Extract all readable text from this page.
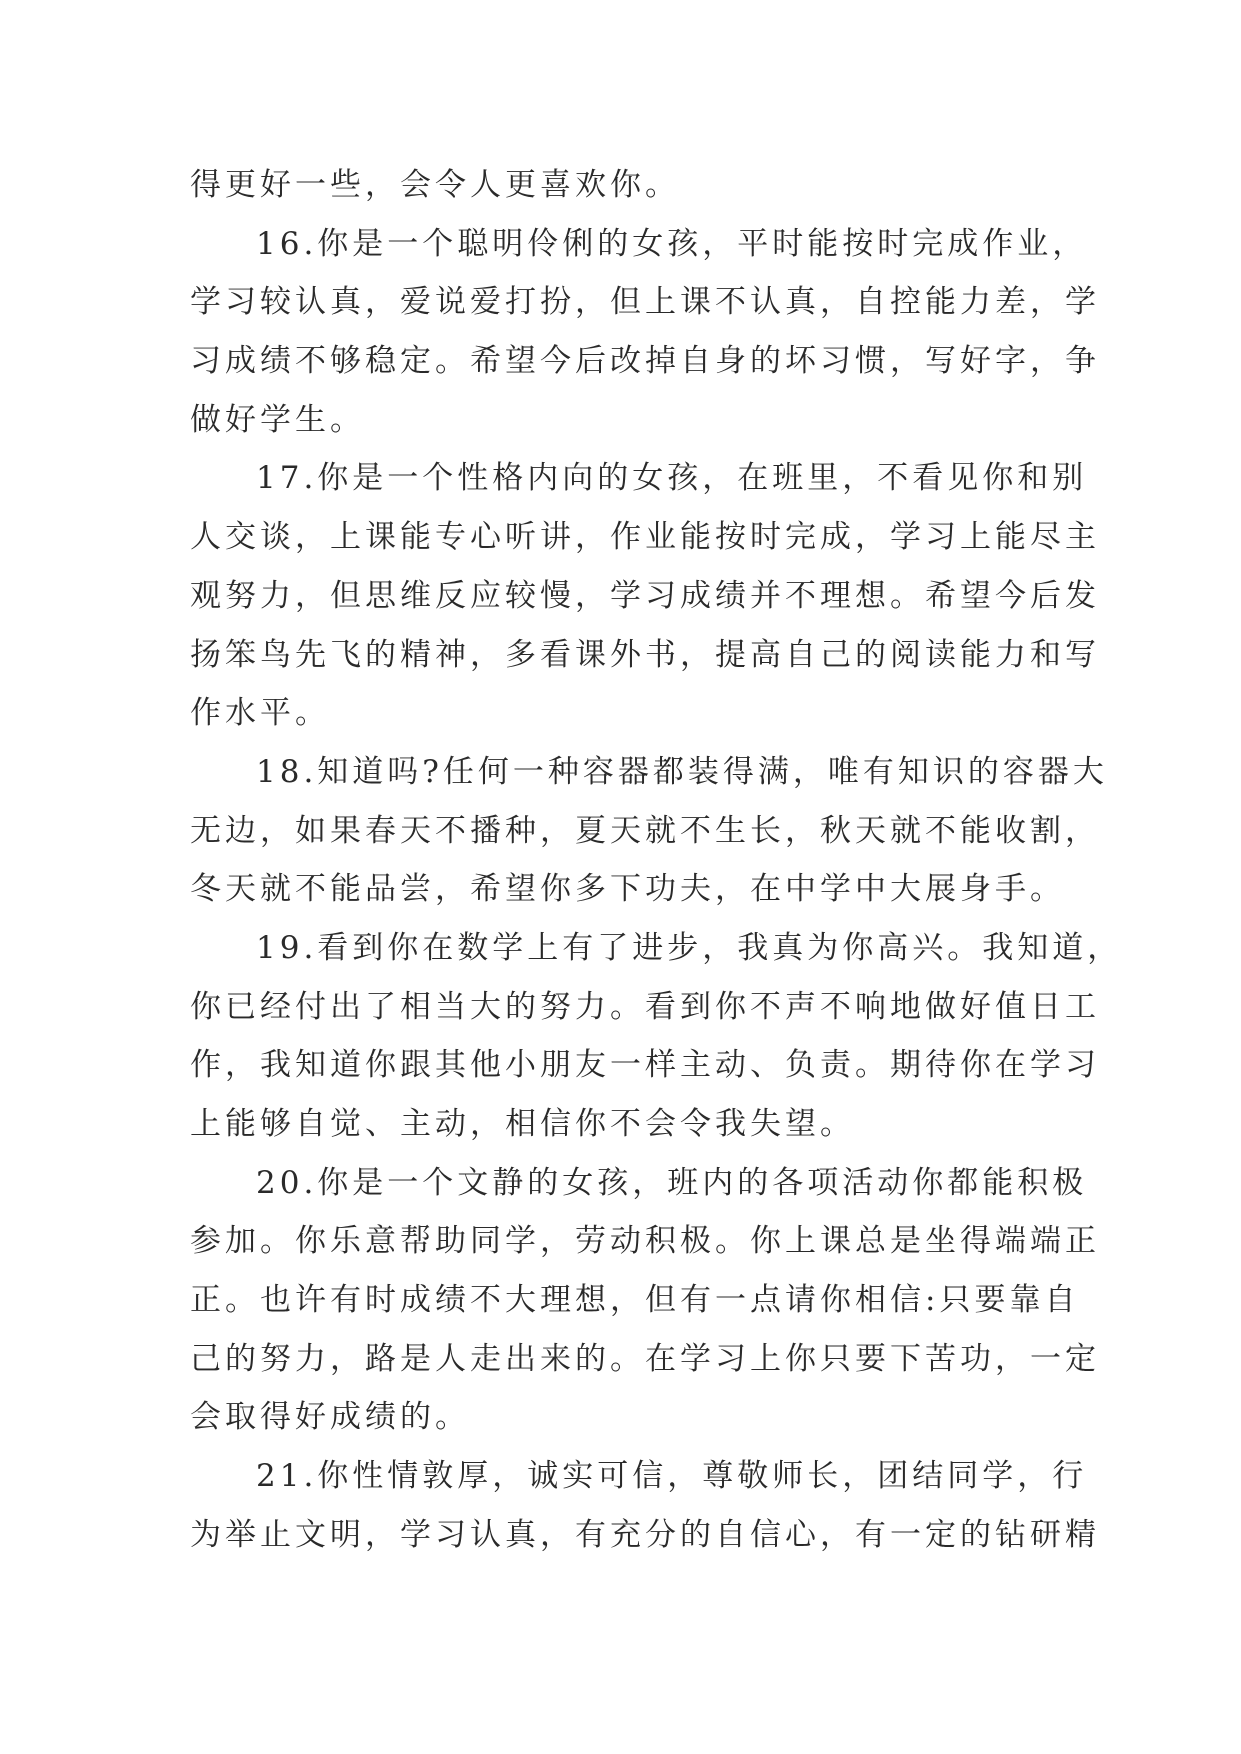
得更好一些，会令人更喜欢你。
16.你是一个聪明伶俐的女孩，平时能按时完成作业，
学习较认真，爱说爱打扮，但上课不认真，自控能力差，学
习成绩不够稳定。希望今后改掉自身的坏习惯，写好字，争
做好学生。
17.你是一个性格内向的女孩，在班里，不看见你和别
人交谈，上课能专心听讲，作业能按时完成，学习上能尽主
观努力，但思维反应较慢，学习成绩并不理想。希望今后发
扬笨鸟先飞的精神，多看课外书，提高自己的阅读能力和写
作水平。
18.知道吗?任何一种容器都装得满，唯有知识的容器大
无边，如果春天不播种，夏天就不生长，秋天就不能收割，
冬天就不能品尝，希望你多下功夫，在中学中大展身手。
19.看到你在数学上有了进步，我真为你高兴。我知道，
你已经付出了相当大的努力。看到你不声不响地做好值日工
作，我知道你跟其他小朋友一样主动、负责。期待你在学习
上能够自觉、主动，相信你不会令我失望。
20.你是一个文静的女孩，班内的各项活动你都能积极
参加。你乐意帮助同学，劳动积极。你上课总是坐得端端正
正。也许有时成绩不大理想，但有一点请你相信:只要靠自
己的努力，路是人走出来的。在学习上你只要下苦功，一定
会取得好成绩的。
21.你性情敦厚，诚实可信，尊敬师长，团结同学，行
为举止文明，学习认真，有充分的自信心，有一定的钻研精
